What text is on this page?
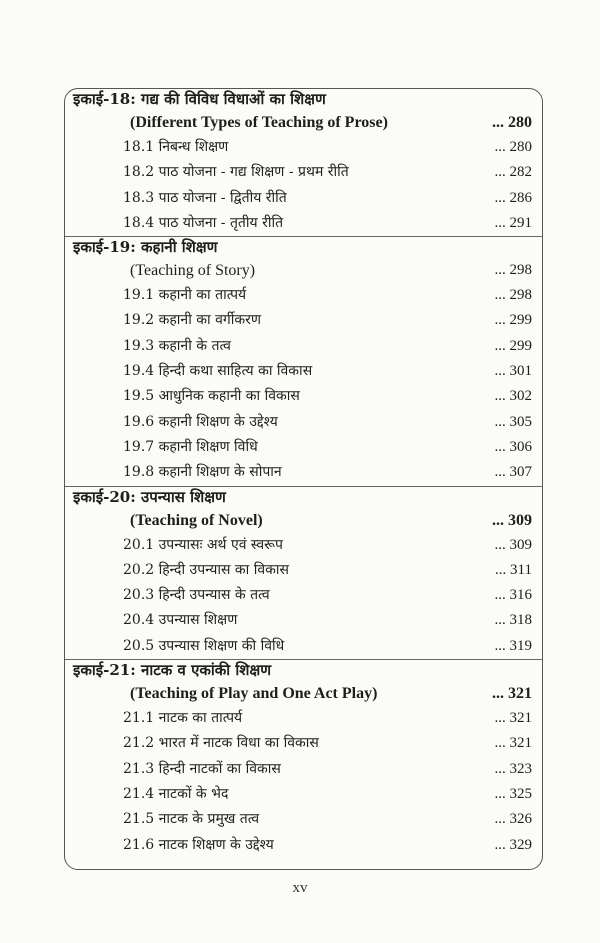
इकाई-18: गद्य की विविध विधाओं का शिक्षण
(Different Types of Teaching of Prose)	... 280
18.1 निबन्ध शिक्षण	... 280
18.2 पाठ योजना - गद्य शिक्षण - प्रथम रीति	... 282
18.3 पाठ योजना - द्वितीय रीति	... 286
18.4 पाठ योजना - तृतीय रीति	... 291
इकाई-19: कहानी शिक्षण
(Teaching of Story)	... 298
19.1 कहानी का तात्पर्य	... 298
19.2 कहानी का वर्गीकरण	... 299
19.3 कहानी के तत्व	... 299
19.4 हिन्दी कथा साहित्य का विकास	... 301
19.5 आधुनिक कहानी का विकास	... 302
19.6 कहानी शिक्षण के उद्देश्य	... 305
19.7 कहानी शिक्षण विधि	... 306
19.8 कहानी शिक्षण के सोपान	... 307
इकाई-20: उपन्यास शिक्षण
(Teaching of Novel)	... 309
20.1 उपन्यासः अर्थ एवं स्वरूप	... 309
20.2 हिन्दी उपन्यास का विकास	... 311
20.3 हिन्दी उपन्यास के तत्व	... 316
20.4 उपन्यास शिक्षण	... 318
20.5 उपन्यास शिक्षण की विधि	... 319
इकाई-21: नाटक व एकांकी शिक्षण
(Teaching of Play and One Act Play)	... 321
21.1 नाटक का तात्पर्य	... 321
21.2 भारत में नाटक विधा का विकास	... 321
21.3 हिन्दी नाटकों का विकास	... 323
21.4 नाटकों के भेद	... 325
21.5 नाटक के प्रमुख तत्व	... 326
21.6 नाटक शिक्षण के उद्देश्य	... 329
xv
